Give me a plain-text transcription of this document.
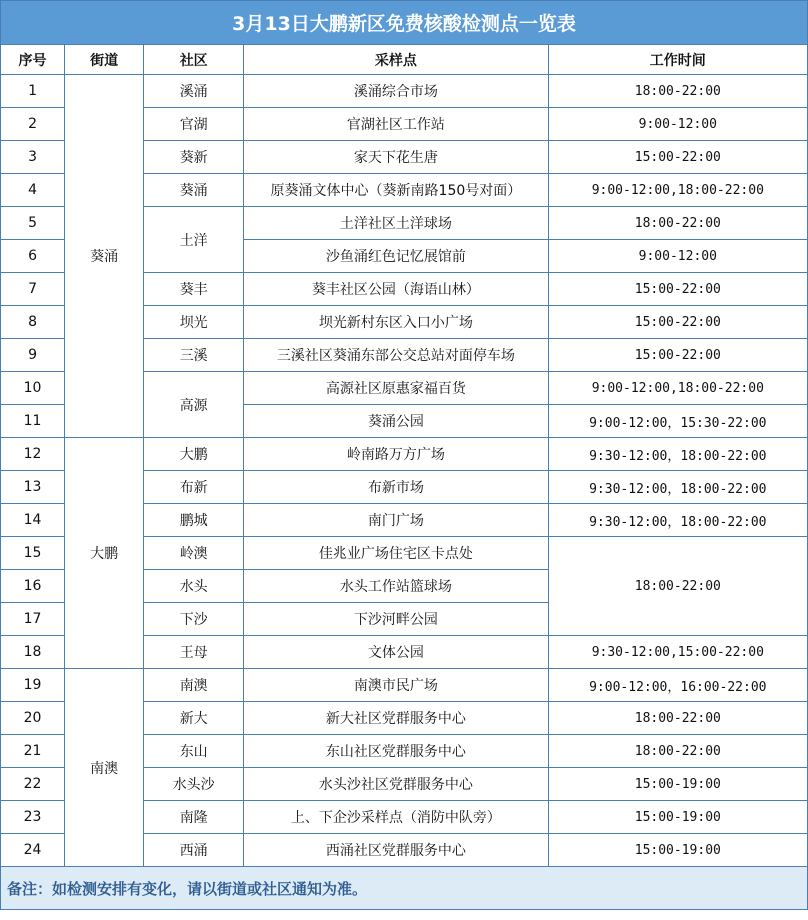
3月13日大鹏新区免费核酸检测点一览表				
序号	街道	社区	采样点	工作时间
1	葵涌	溪涌	溪涌综合市场	18:00-22:00
2		官湖	官湖社区工作站	9:00-12:00
3		葵新	家天下花生唐	15:00-22:00
4		葵涌	原葵涌文体中心（葵新南路150号对面）	9:00-12:00,18:00-22:00
5		土洋	土洋社区土洋球场	18:00-22:00
6			沙鱼涌红色记忆展馆前	9:00-12:00
7		葵丰	葵丰社区公园（海语山林）	15:00-22:00
8		坝光	坝光新村东区入口小广场	15:00-22:00
9		三溪	三溪社区葵涌东部公交总站对面停车场	15:00-22:00
10		高源	高源社区原惠家福百货	9:00-12:00,18:00-22:00
11			葵涌公园	9:00-12:00，15:30-22:00
12	大鹏	大鹏	岭南路万方广场	9:30-12:00，18:00-22:00
13		布新	布新市场	9:30-12:00，18:00-22:00
14		鹏城	南门广场	9:30-12:00，18:00-22:00
15		岭澳	佳兆业广场住宅区卡点处	18:00-22:00
16		水头	水头工作站篮球场	
17		下沙	下沙河畔公园	
18		王母	文体公园	9:30-12:00,15:00-22:00
19	南澳	南澳	南澳市民广场	9:00-12:00，16:00-22:00
20		新大	新大社区党群服务中心	18:00-22:00
21		东山	东山社区党群服务中心	18:00-22:00
22		水头沙	水头沙社区党群服务中心	15:00-19:00
23		南隆	上、下企沙采样点（消防中队旁）	15:00-19:00
24		西涌	西涌社区党群服务中心	15:00-19:00
备注：如检测安排有变化，请以街道或社区通知为准。				
